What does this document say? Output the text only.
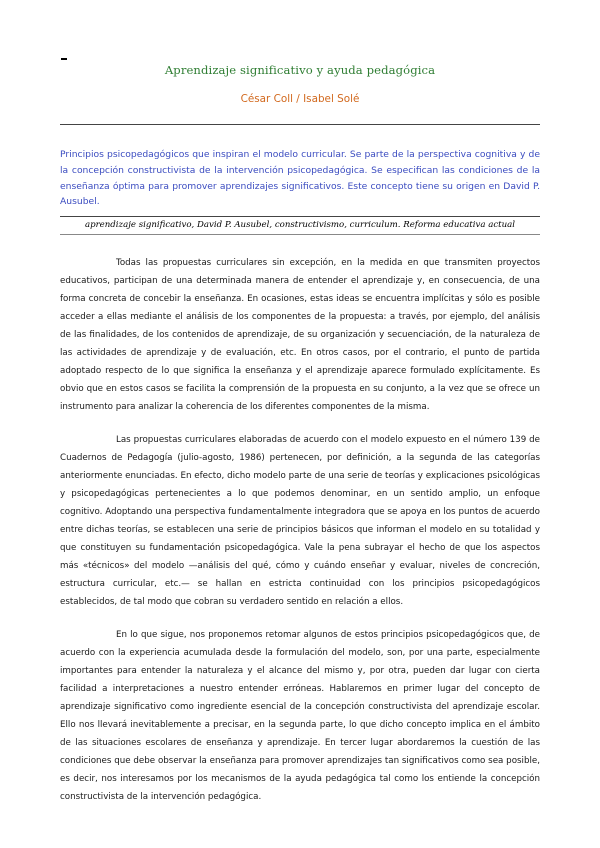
Aprendizaje significativo y ayuda pedagógica
César Coll / Isabel Solé
Principios psicopedagógicos que inspiran el modelo curricular. Se parte de la perspectiva cognitiva y de la concepción constructivista de la intervención psicopedagógica. Se especifican las condiciones de la enseñanza óptima para promover aprendizajes significativos. Este concepto tiene su origen en David P. Ausubel.
aprendizaje significativo, David P. Ausubel, constructivismo, curriculum. Reforma educativa actual

Todas las propuestas curriculares sin excepción, en la medida en que transmiten proyectos educativos, participan de una determinada manera de entender el aprendizaje y, en consecuencia, de una forma concreta de concebir la enseñanza. En ocasiones, estas ideas se encuentra implícitas y sólo es posible acceder a ellas mediante el análisis de los componentes de la propuesta: a través, por ejemplo, del análisis de las finalidades, de los contenidos de aprendizaje, de su organización y secuenciación, de la naturaleza de las actividades de aprendizaje y de evaluación, etc. En otros casos, por el contrario, el punto de partida adoptado respecto de lo que significa la enseñanza y el aprendizaje aparece formulado explícitamente. Es obvio que en estos casos se facilita la comprensión de la propuesta en su conjunto, a la vez que se ofrece un instrumento para analizar la coherencia de los diferentes componentes de la misma.

Las propuestas curriculares elaboradas de acuerdo con el modelo expuesto en el número 139 de Cuadernos de Pedagogía (julio-agosto, 1986) pertenecen, por definición, a la segunda de las categorías anteriormente enunciadas. En efecto, dicho modelo parte de una serie de teorías y explicaciones psicológicas y psicopedagógicas pertenecientes a lo que podemos denominar, en un sentido amplio, un enfoque cognitivo. Adoptando una perspectiva fundamentalmente integradora que se apoya en los puntos de acuerdo entre dichas teorías, se establecen una serie de principios básicos que informan el modelo en su totalidad y que constituyen su fundamentación psicopedagógica. Vale la pena subrayar el hecho de que los aspectos más «técnicos» del modelo —análisis del qué, cómo y cuándo enseñar y evaluar, niveles de concreción, estructura curricular, etc.— se hallan en estricta continuidad con los principios psicopedagógicos establecidos, de tal modo que cobran su verdadero sentido en relación a ellos.

En lo que sigue, nos proponemos retomar algunos de estos principios psicopedagógicos que, de acuerdo con la experiencia acumulada desde la formulación del modelo, son, por una parte, especialmente importantes para entender la naturaleza y el alcance del mismo y, por otra, pueden dar lugar con cierta facilidad a interpretaciones a nuestro entender erróneas. Hablaremos en primer lugar del concepto de aprendizaje significativo como ingrediente esencial de la concepción constructivista del aprendizaje escolar. Ello nos llevará inevitablemente a precisar, en la segunda parte, lo que dicho concepto implica en el ámbito de las situaciones escolares de enseñanza y aprendizaje. En tercer lugar abordaremos la cuestión de las condiciones que debe observar la enseñanza para promover aprendizajes tan significativos como sea posible, es decir, nos interesamos por los mecanismos de la ayuda pedagógica tal como los entiende la concepción constructivista de la intervención pedagógica.
